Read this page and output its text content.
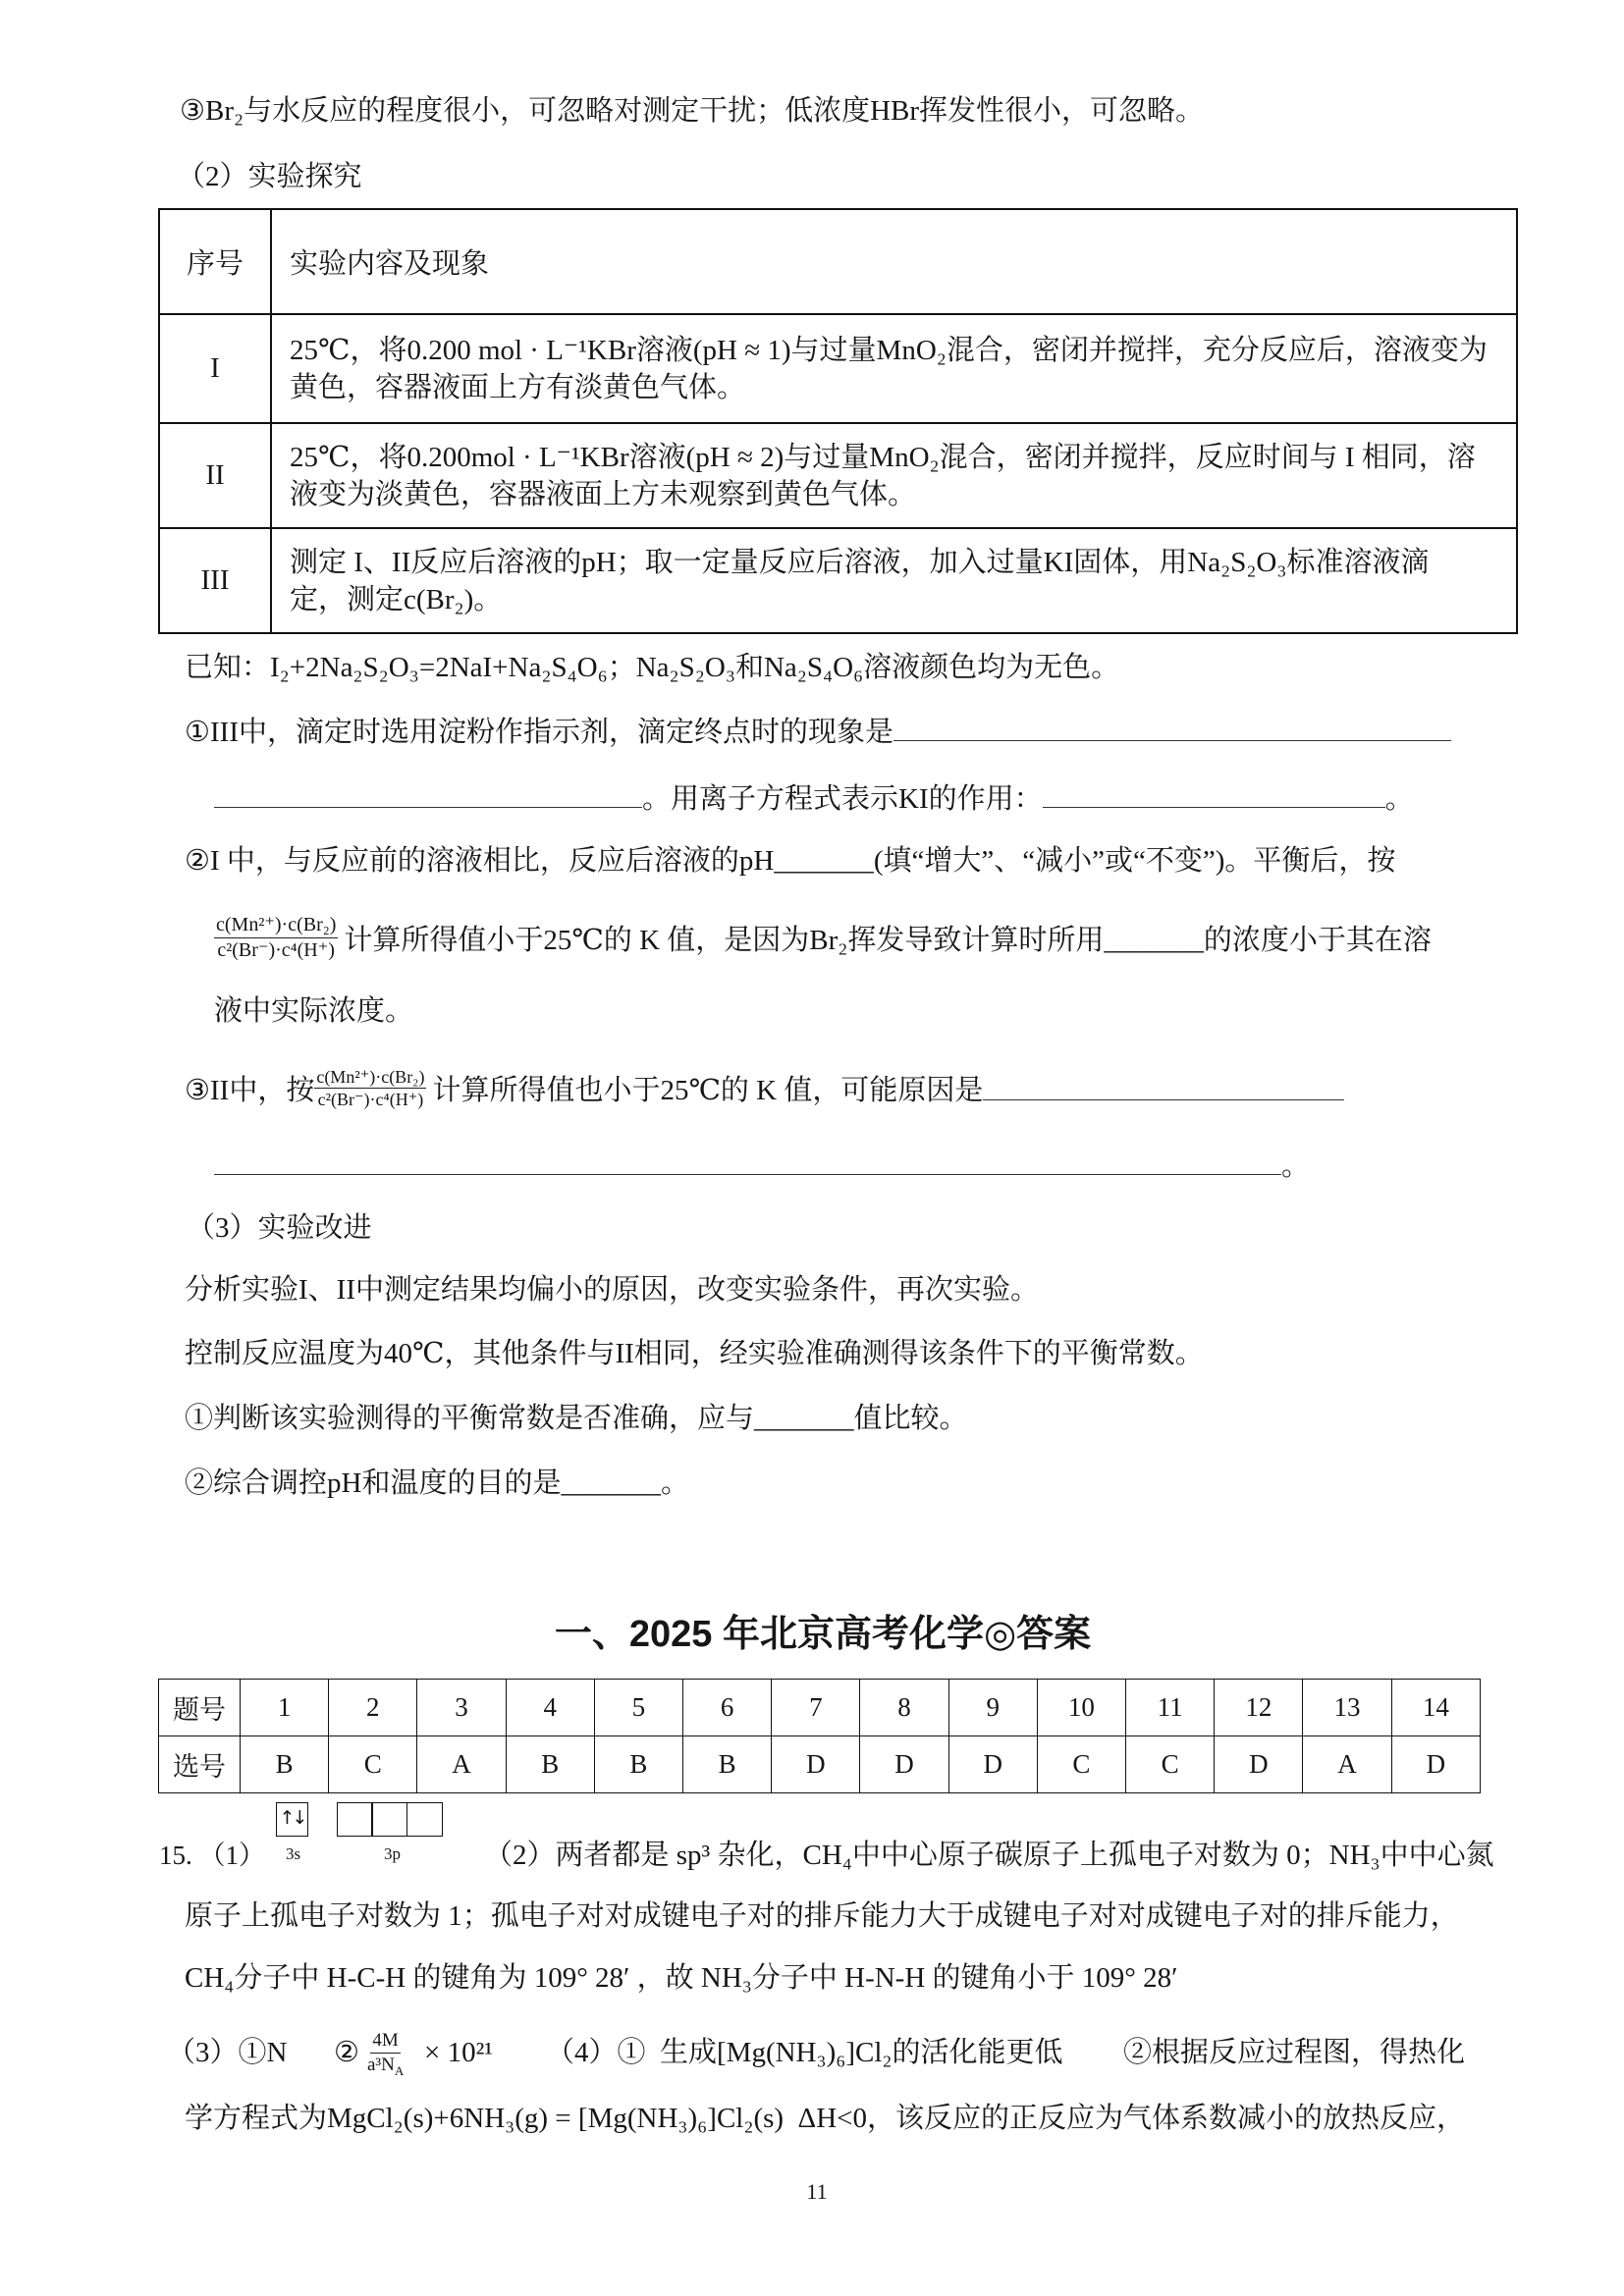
③Br₂与水反应的程度很小，可忽略对测定干扰；低浓度HBr挥发性很小，可忽略。
（2）实验探究
序号	实验内容及现象
I	25℃，将0.200 mol · L⁻¹KBr溶液(pH ≈ 1)与过量MnO₂混合，密闭并搅拌，充分反应后，溶液变为
黄色，容器液面上方有淡黄色气体。

II	25℃，将0.200mol · L⁻¹KBr溶液(pH ≈ 2)与过量MnO₂混合，密闭并搅拌，反应时间与 I 相同，溶
液变为淡黄色，容器液面上方未观察到黄色气体。

III	测定 I、II反应后溶液的pH；取一定量反应后溶液，加入过量KI固体，用Na₂S₂O₃标准溶液滴
定，测定c(Br₂)。
已知：I₂+2Na₂S₂O₃=2NaI+Na₂S₄O₆；Na₂S₂O₃和Na₂S₄O₆溶液颜色均为无色。
①III中，滴定时选用淀粉作指示剂，滴定终点时的现象是
。用离子方程式表示KI的作用：	。
②I 中，与反应前的溶液相比，反应后溶液的pH_______(填“增大”、“减小”或“不变”)。平衡后，按
$\frac{\text{c(Mn²⁺)·c(Br₂)}}{\text{c²(Br⁻)·c⁴(H⁺)}}$ 计算所得值小于25℃的 K 值，是因为Br₂挥发导致计算时所用_______的浓度小于其在溶
液中实际浓度。
③II中，按 $\frac{\text{c(Mn²⁺)·c(Br₂)}}{\text{c²(Br⁻)·c⁴(H⁺)}}$ 计算所得值也小于25℃的 K 值，可能原因是
。
（3）实验改进
分析实验I、II中测定结果均偏小的原因，改变实验条件，再次实验。
控制反应温度为40℃，其他条件与II相同，经实验准确测得该条件下的平衡常数。
①判断该实验测得的平衡常数是否准确，应与_______值比较。
②综合调控pH和温度的目的是_______。
一、2025 年北京高考化学◎答案
题号	1	2	3	4	5	6	7	8	9	10	11	12	13	14
选号	B	C	A	B	B	B	D	D	D	C	C	D	A	D
15. （1）
↑↓
3s	3p	（2）两者都是 sp³ 杂化，CH₄中中心原子碳原子上孤电子对数为 0；NH₃中中心氮
原子上孤电子对数为 1；孤电子对对成键电子对的排斥能力大于成键电子对对成键电子对的排斥能力，
CH₄分子中 H-C-H 的键角为 109° 28′ ，故 NH₃分子中 H-N-H 的键角小于 109° 28′
（3）①N ② $\frac{4M}{a^3N_A} \times 10^{21}$ （4）① 生成[Mg(NH₃)₆]Cl₂的活化能更低 ②根据反应过程图，得热化
学方程式为MgCl₂(s)+6NH₃(g) = [Mg(NH₃)₆]Cl₂(s)  ΔH<0，该反应的正反应为气体系数减小的放热反应，
11
